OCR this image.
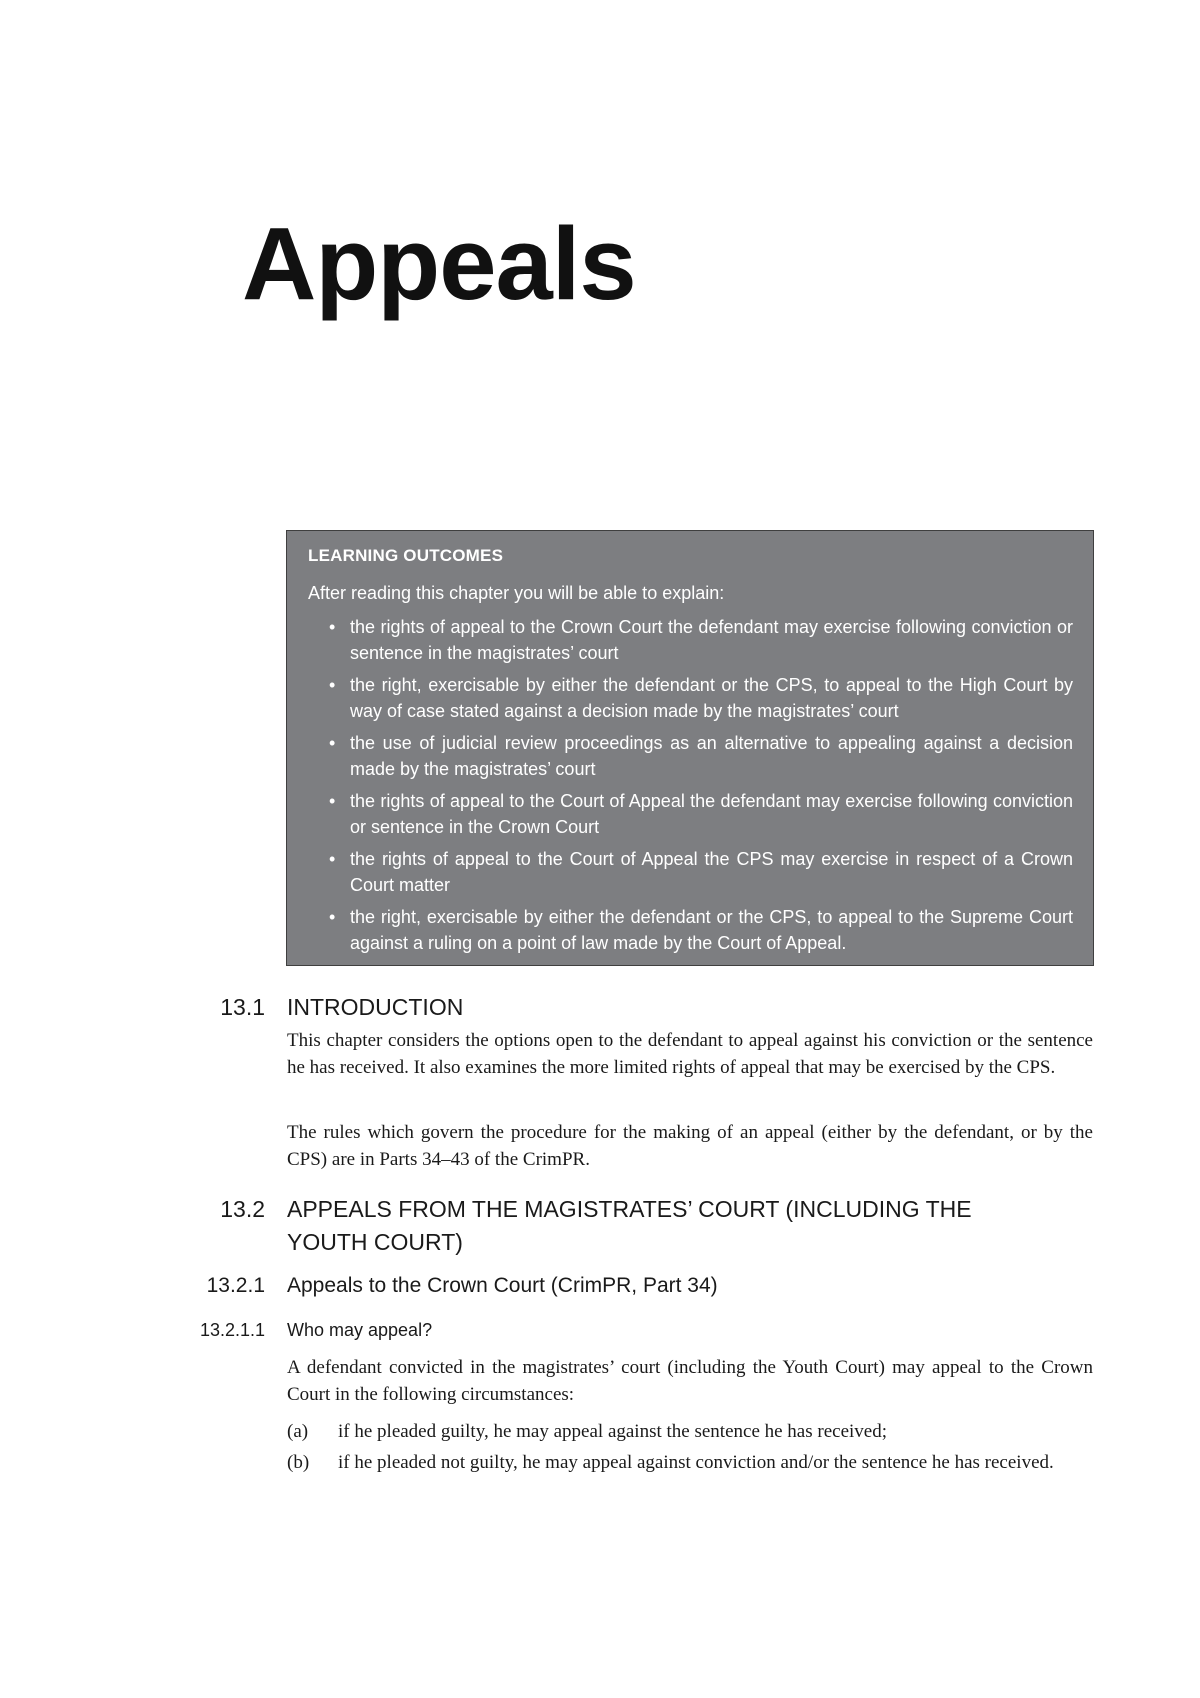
Appeals
LEARNING OUTCOMES
After reading this chapter you will be able to explain:
• the rights of appeal to the Crown Court the defendant may exercise following conviction or sentence in the magistrates’ court
• the right, exercisable by either the defendant or the CPS, to appeal to the High Court by way of case stated against a decision made by the magistrates’ court
• the use of judicial review proceedings as an alternative to appealing against a decision made by the magistrates’ court
• the rights of appeal to the Court of Appeal the defendant may exercise following conviction or sentence in the Crown Court
• the rights of appeal to the Court of Appeal the CPS may exercise in respect of a Crown Court matter
• the right, exercisable by either the defendant or the CPS, to appeal to the Supreme Court against a ruling on a point of law made by the Court of Appeal.
13.1 INTRODUCTION

This chapter considers the options open to the defendant to appeal against his conviction or the sentence he has received. It also examines the more limited rights of appeal that may be exercised by the CPS.

The rules which govern the procedure for the making of an appeal (either by the defendant, or by the CPS) are in Parts 34–43 of the CrimPR.

13.2 APPEALS FROM THE MAGISTRATES’ COURT (INCLUDING THE
YOUTH COURT)
13.2.1 Appeals to the Crown Court (CrimPR, Part 34)
13.2.1.1 Who may appeal?

A defendant convicted in the magistrates’ court (including the Youth Court) may appeal to the Crown Court in the following circumstances:

(a) if he pleaded guilty, he may appeal against the sentence he has received;

(b) if he pleaded not guilty, he may appeal against conviction and/or the sentence he has received.
